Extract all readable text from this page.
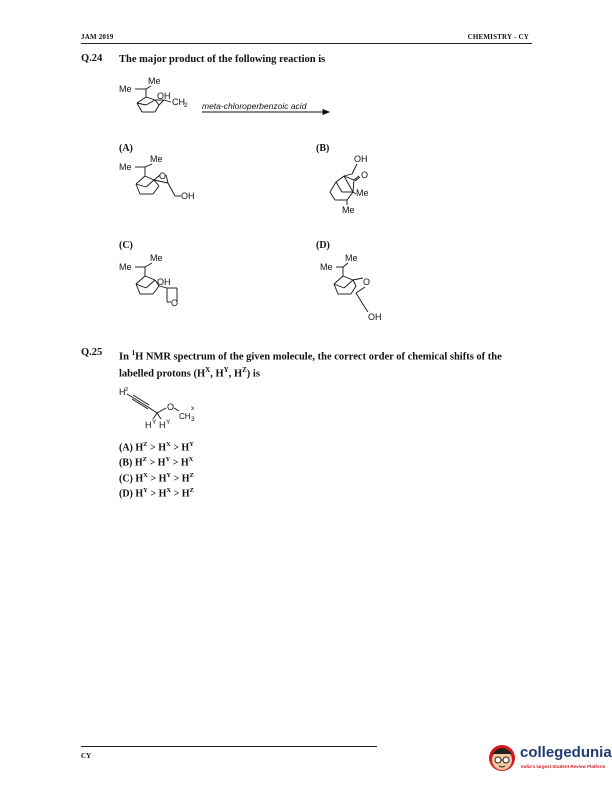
JAM 2019	CHEMISTRY - CY
Q.24 The major product of the following reaction is
Me
Me
OH
CH 2 meta-chloroperbenzoic acid
(A)	(B)
Me
Me
O
OH
OH
O
Me
Me
(C)	(D)
Me
Me
OH
O
Me
Me
O
OH
Q.25 In $^1$H NMR spectrum of the given molecule, the correct order of chemical shifts of the
labelled protons ($H^X$, $H^Y$, $H^Z$) is
H z
O
CH 3
x
H Y H Y
(A) $H^Z > H^X > H^Y$
(B) $H^Z > H^Y > H^X$
(C) $H^X > H^Y > H^Z$
(D) $H^Y > H^X > H^Z$
CY	collegedunia
India's largest Student Review Platform
